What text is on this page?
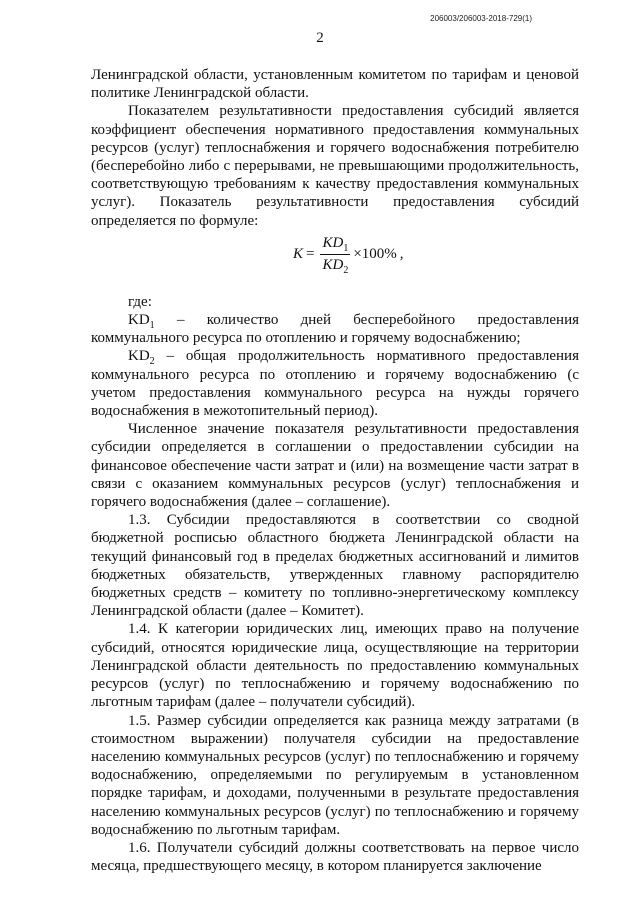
206003/206003-2018-729(1)
2

Ленинградской области, установленным комитетом по тарифам и ценовой политике Ленинградской области.

Показателем результативности предоставления субсидий является коэффициент обеспечения нормативного предоставления коммунальных ресурсов (услуг) теплоснабжения и горячего водоснабжения потребителю (бесперебойно либо с перерывами, не превышающими продолжительность, соответствующую требованиям к качеству предоставления коммунальных услуг). Показатель результативности предоставления субсидий определяется по формуле:

$K = \frac{KD_1}{KD_2} \times 100\%$ ,

где:

$KD_1$ – количество дней бесперебойного предоставления коммунального ресурса по отоплению и горячему водоснабжению;

$KD_2$ – общая продолжительность нормативного предоставления коммунального ресурса по отоплению и горячему водоснабжению (с учетом предоставления коммунального ресурса на нужды горячего водоснабжения в межотопительный период).

Численное значение показателя результативности предоставления субсидии определяется в соглашении о предоставлении субсидии на финансовое обеспечение части затрат и (или) на возмещение части затрат в связи с оказанием коммунальных ресурсов (услуг) теплоснабжения и горячего водоснабжения (далее – соглашение).

1.3. Субсидии предоставляются в соответствии со сводной бюджетной росписью областного бюджета Ленинградской области на текущий финансовый год в пределах бюджетных ассигнований и лимитов бюджетных обязательств, утвержденных главному распорядителю бюджетных средств – комитету по топливно-энергетическому комплексу Ленинградской области (далее – Комитет).

1.4. К категории юридических лиц, имеющих право на получение субсидий, относятся юридические лица, осуществляющие на территории Ленинградской области деятельность по предоставлению коммунальных ресурсов (услуг) по теплоснабжению и горячему водоснабжению по льготным тарифам (далее – получатели субсидий).

1.5. Размер субсидии определяется как разница между затратами (в стоимостном выражении) получателя субсидии на предоставление населению коммунальных ресурсов (услуг) по теплоснабжению и горячему водоснабжению, определяемыми по регулируемым в установленном порядке тарифам, и доходами, полученными в результате предоставления населению коммунальных ресурсов (услуг) по теплоснабжению и горячему водоснабжению по льготным тарифам.

1.6. Получатели субсидий должны соответствовать на первое число месяца, предшествующего месяцу, в котором планируется заключение
